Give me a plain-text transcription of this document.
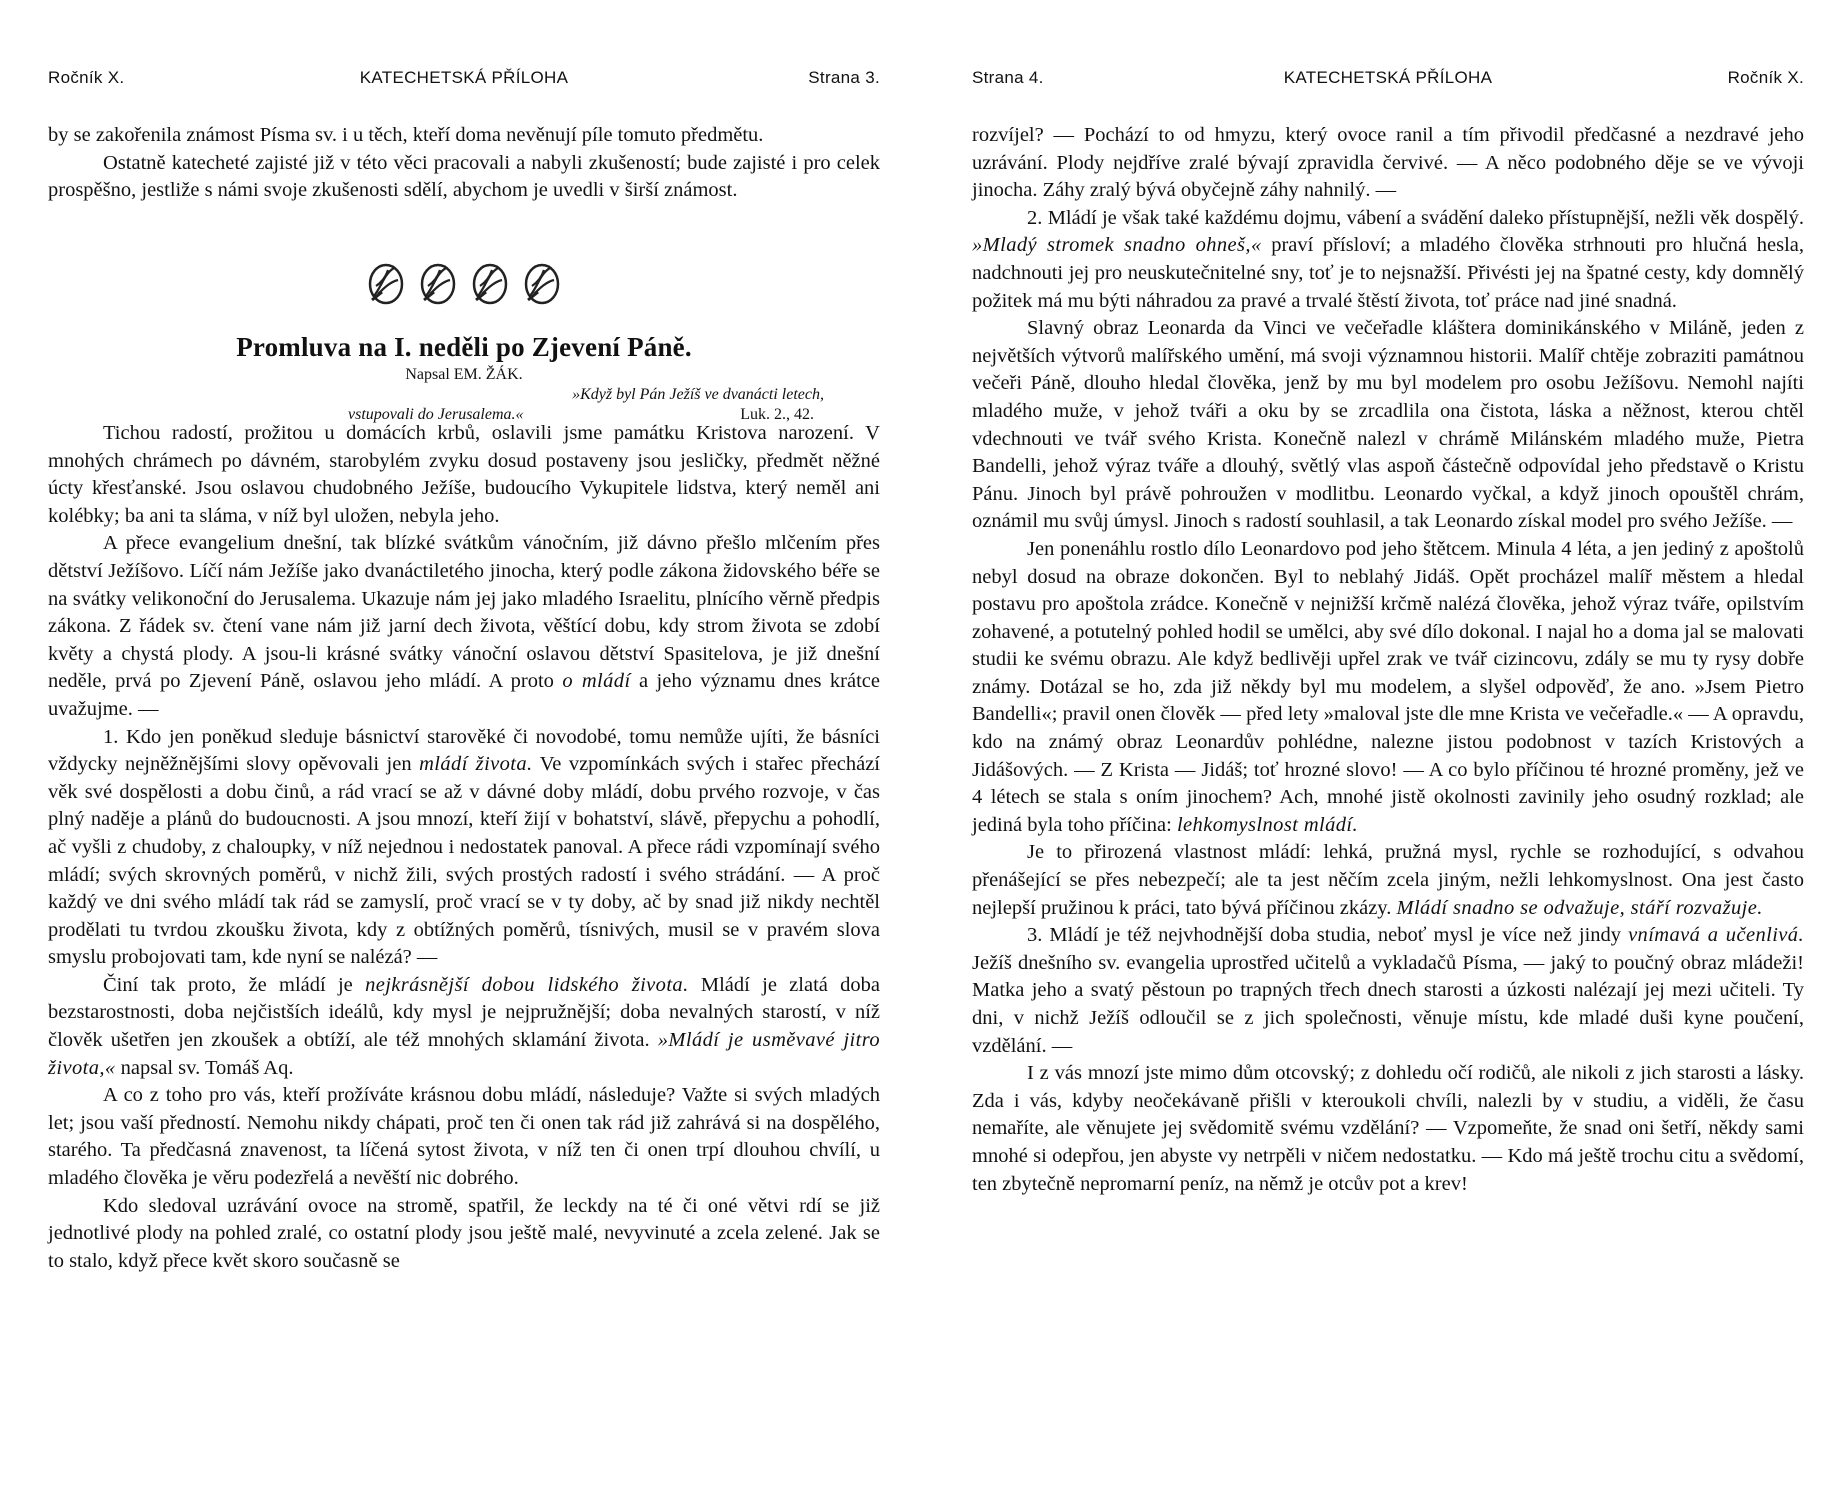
Ročník X.	KATECHETSKÁ PŘÍLOHA	Strana 3.

by se zakořenila známost Písma sv. i u těch, kteří doma nevěnují píle tomuto předmětu.

Ostatně katecheté zajisté již v této věci pracovali a nabyli zkušeností; bude zajisté i pro celek prospěšno, jestliže s námi svoje zkušenosti sdělí, abychom je uvedli v širší známost.

Promluva na I. neděli po Zjevení Páně.
Napsal EM. ŽÁK.
»Když byl Pán Ježíš ve dvanácti letech,
vstupovali do Jerusalema.«	Luk. 2., 42.

Tichou radostí, prožitou u domácích krbů, oslavili jsme památku Kristova narození. V mnohých chrámech po dávném, starobylém zvyku dosud postaveny jsou jesličky, předmět něžné úcty křesťanské. Jsou oslavou chudobného Ježíše, budoucího Vykupitele lidstva, který neměl ani kolébky; ba ani ta sláma, v níž byl uložen, nebyla jeho.

A přece evangelium dnešní, tak blízké svátkům vánočním, již dávno přešlo mlčením přes dětství Ježíšovo. Líčí nám Ježíše jako dvanáctiletého jinocha, který podle zákona židovského béře se na svátky velikonoční do Jerusalema. Ukazuje nám jej jako mladého Israelitu, plnícího věrně předpis zákona. Z řádek sv. čtení vane nám již jarní dech života, věštící dobu, kdy strom života se zdobí květy a chystá plody. A jsou-li krásné svátky vánoční oslavou dětství Spasitelova, je již dnešní neděle, prvá po Zjevení Páně, oslavou jeho mládí. A proto o mládí a jeho významu dnes krátce uvažujme. —

1. Kdo jen poněkud sleduje básnictví starověké či novodobé, tomu nemůže ujíti, že básníci vždycky nejněžnějšími slovy opěvovali jen mládí života. Ve vzpomínkách svých i stařec přechází věk své dospělosti a dobu činů, a rád vrací se až v dávné doby mládí, dobu prvého rozvoje, v čas plný naděje a plánů do budoucnosti. A jsou mnozí, kteří žijí v bohatství, slávě, přepychu a pohodlí, ač vyšli z chudoby, z chaloupky, v níž nejednou i nedostatek panoval. A přece rádi vzpomínají svého mládí; svých skrovných poměrů, v nichž žili, svých prostých radostí i svého strádání. — A proč každý ve dni svého mládí tak rád se zamyslí, proč vrací se v ty doby, ač by snad již nikdy nechtěl prodělati tu tvrdou zkoušku života, kdy z obtížných poměrů, tísnivých, musil se v pravém slova smyslu probojovati tam, kde nyní se nalézá? —

Činí tak proto, že mládí je nejkrásnější dobou lidského života. Mládí je zlatá doba bezstarostnosti, doba nejčistších ideálů, kdy mysl je nejpružnější; doba nevalných starostí, v níž člověk ušetřen jen zkoušek a obtíží, ale též mnohých sklamání života. »Mládí je usměvavé jitro života,« napsal sv. Tomáš Aq.

A co z toho pro vás, kteří prožíváte krásnou dobu mládí, následuje? Važte si svých mladých let; jsou vaší předností. Nemohu nikdy chápati, proč ten či onen tak rád již zahrává si na dospělého, starého. Ta předčasná znavenost, ta líčená sytost života, v níž ten či onen trpí dlouhou chvílí, u mladého člověka je věru podezřelá a nevěští nic dobrého.

Kdo sledoval uzrávání ovoce na stromě, spatřil, že leckdy na té či oné větvi rdí se již jednotlivé plody na pohled zralé, co ostatní plody jsou ještě malé, nevyvinuté a zcela zelené. Jak se to stalo, když přece květ skoro současně se

Strana 4.	KATECHETSKÁ PŘÍLOHA	Ročník X.

rozvíjel? — Pochází to od hmyzu, který ovoce ranil a tím přivodil předčasné a nezdravé jeho uzrávání. Plody nejdříve zralé bývají zpravidla červivé. — A něco podobného děje se ve vývoji jinocha. Záhy zralý bývá obyčejně záhy nahnilý. —

2. Mládí je však také každému dojmu, vábení a svádění daleko přístupnější, nežli věk dospělý. »Mladý stromek snadno ohneš,« praví přísloví; a mladého člověka strhnouti pro hlučná hesla, nadchnouti jej pro neuskutečnitelné sny, toť je to nejsnažší. Přivésti jej na špatné cesty, kdy domnělý požitek má mu býti náhradou za pravé a trvalé štěstí života, toť práce nad jiné snadná.

Slavný obraz Leonarda da Vinci ve večeřadle kláštera dominikánského v Miláně, jeden z největších výtvorů malířského umění, má svoji významnou historii. Malíř chtěje zobraziti památnou večeři Páně, dlouho hledal člověka, jenž by mu byl modelem pro osobu Ježíšovu. Nemohl najíti mladého muže, v jehož tváři a oku by se zrcadlila ona čistota, láska a něžnost, kterou chtěl vdechnouti ve tvář svého Krista. Konečně nalezl v chrámě Milánském mladého muže, Pietra Bandelli, jehož výraz tváře a dlouhý, světlý vlas aspoň částečně odpovídal jeho představě o Kristu Pánu. Jinoch byl právě pohroužen v modlitbu. Leonardo vyčkal, a když jinoch opouštěl chrám, oznámil mu svůj úmysl. Jinoch s radostí souhlasil, a tak Leonardo získal model pro svého Ježíše. —

Jen ponenáhlu rostlo dílo Leonardovo pod jeho štětcem. Minula 4 léta, a jen jediný z apoštolů nebyl dosud na obraze dokončen. Byl to neblahý Jidáš. Opět procházel malíř městem a hledal postavu pro apoštola zrádce. Konečně v nejnižší krčmě nalézá člověka, jehož výraz tváře, opilstvím zohavené, a potutelný pohled hodil se umělci, aby své dílo dokonal. I najal ho a doma jal se malovati studii ke svému obrazu. Ale když bedlivěji upřel zrak ve tvář cizincovu, zdály se mu ty rysy dobře známy. Dotázal se ho, zda již někdy byl mu modelem, a slyšel odpověď, že ano. »Jsem Pietro Bandelli«; pravil onen člověk — před lety »maloval jste dle mne Krista ve večeřadle.« — A opravdu, kdo na známý obraz Leonardův pohlédne, nalezne jistou podobnost v tazích Kristových a Jidášových. — Z Krista — Jidáš; toť hrozné slovo! — A co bylo příčinou té hrozné proměny, jež ve 4 létech se stala s oním jinochem? Ach, mnohé jistě okolnosti zavinily jeho osudný rozklad; ale jediná byla toho příčina: lehkomyslnost mládí.

Je to přirozená vlastnost mládí: lehká, pružná mysl, rychle se rozhodující, s odvahou přenášející se přes nebezpečí; ale ta jest něčím zcela jiným, nežli lehkomyslnost. Ona jest často nejlepší pružinou k práci, tato bývá příčinou zkázy. Mládí snadno se odvažuje, stáří rozvažuje.

3. Mládí je též nejvhodnější doba studia, neboť mysl je více než jindy vnímavá a učenlivá. Ježíš dnešního sv. evangelia uprostřed učitelů a vykladačů Písma, — jaký to poučný obraz mládeži! Matka jeho a svatý pěstoun po trapných třech dnech starosti a úzkosti nalézají jej mezi učiteli. Ty dni, v nichž Ježíš odloučil se z jich společnosti, věnuje místu, kde mladé duši kyne poučení, vzdělání. —

I z vás mnozí jste mimo dům otcovský; z dohledu očí rodičů, ale nikoli z jich starosti a lásky. Zda i vás, kdyby neočekávaně přišli v kteroukoli chvíli, nalezli by v studiu, a viděli, že času nemaříte, ale věnujete jej svědomitě svému vzdělání? — Vzpomeňte, že snad oni šetří, někdy sami mnohé si odepřou, jen abyste vy netrpěli v ničem nedostatku. — Kdo má ještě trochu citu a svědomí, ten zbytečně nepromarní peníz, na němž je otcův pot a krev!
